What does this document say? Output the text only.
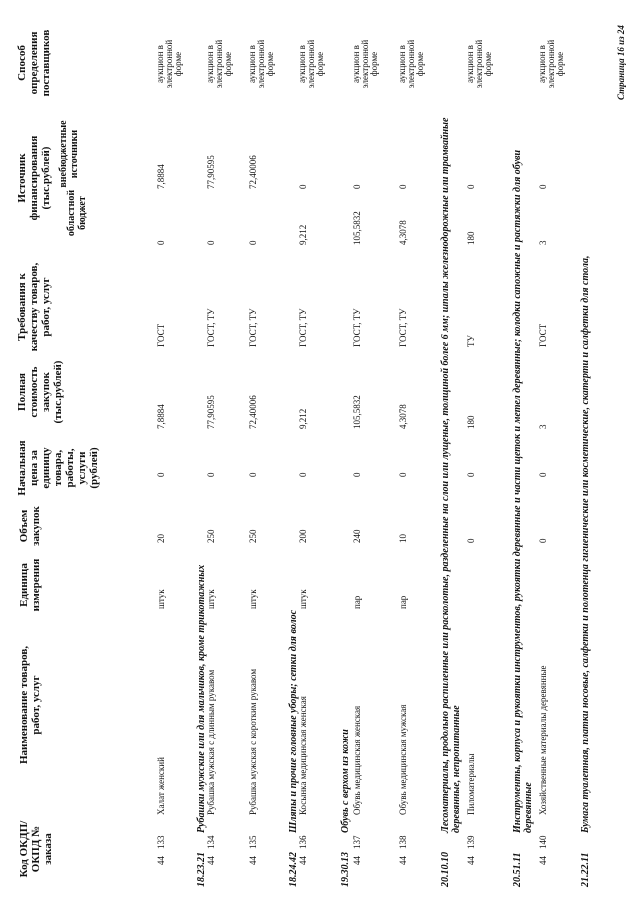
Код ОКДП/ ОКПД № заказа
Наименование товаров, работ, услуг
Единица измерения
Объем закупок
Начальная цена за единицу товара, работы, услуги (рублей)
Полная стоимость закупок (тыс.рублей)
Требования к качеству товаров, работ, услуг
Источник финансирования (тыс.рублей)
Способ определения поставщиков
областной бюджет
внебюджетные источники
44
133
Халат женский
штук
20
0
7,8884
ГОСТ
0
7,8884
аукцион в электронной форме
18.23.21
Рубашки мужские или для мальчиков, кроме трикотажных
44
134
Рубашка мужская с длинным рукавом
штук
250
0
77,90595
ГОСТ, ТУ
0
77,90595
аукцион в электронной форме
44
135
Рубашка мужская с коротким рукавом
штук
250
0
72,40006
ГОСТ, ТУ
0
72,40006
аукцион в электронной форме
18.24.42
Шляпы и прочие головные уборы; сетки для волос
44
136
Косынка медицинская женская
штук
200
0
9,212
ГОСТ, ТУ
9,212
0
аукцион в электронной форме
19.30.13
Обувь с верхом из кожи
44
137
Обувь медицинская женская
пар
240
0
105,5832
ГОСТ, ТУ
105,5832
0
аукцион в электронной форме
44
138
Обувь медицинская мужская
пар
10
0
4,3078
ГОСТ, ТУ
4,3078
0
аукцион в электронной форме
20.10.10
Лесоматериалы, продольно распиленные или расколотые, разделенные на слои или лущеные, толщиной более 6 мм; шпалы железнодорожные или трамвайные деревянные, непропитанные
44
139
Пиломатериалы
0
0
180
ТУ
180
0
аукцион в электронной форме
20.51.11
Инструменты, корпуса и рукоятки инструментов, рукоятки деревянные и части щеток и метел деревянные; колодки сапожные и растяжки для обуви деревянные
44
140
Хозяйственные материалы деревянные
0
0
3
ГОСТ
3
0
аукцион в электронной форме
21.22.11
Бумага туалетная, платки носовые, салфетки и полотенца гигиенические или косметические, скатерти и салфетки для стола,
Страница 16 из 24
